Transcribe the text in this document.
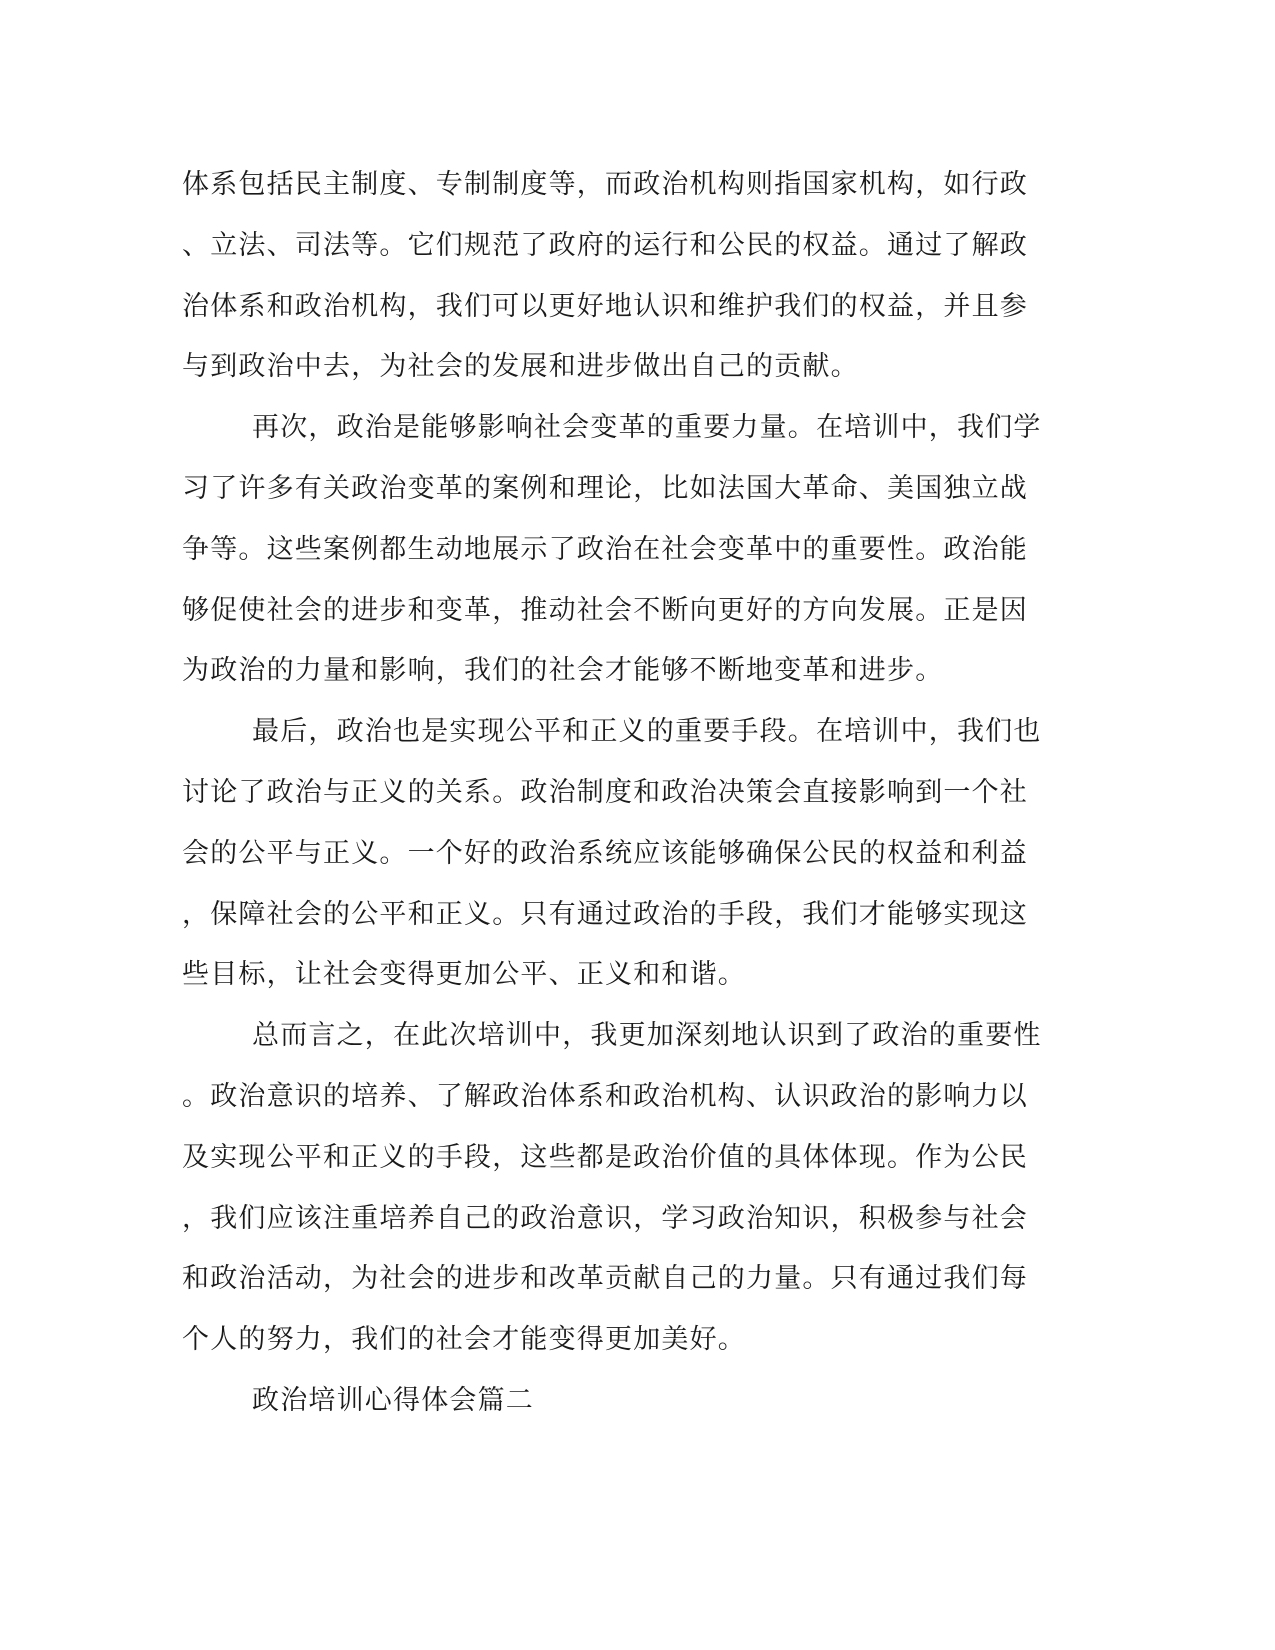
体系包括民主制度、专制制度等，而政治机构则指国家机构，如行政
、立法、司法等。它们规范了政府的运行和公民的权益。通过了解政
治体系和政治机构，我们可以更好地认识和维护我们的权益，并且参
与到政治中去，为社会的发展和进步做出自己的贡献。
再次，政治是能够影响社会变革的重要力量。在培训中，我们学
习了许多有关政治变革的案例和理论，比如法国大革命、美国独立战
争等。这些案例都生动地展示了政治在社会变革中的重要性。政治能
够促使社会的进步和变革，推动社会不断向更好的方向发展。正是因
为政治的力量和影响，我们的社会才能够不断地变革和进步。
最后，政治也是实现公平和正义的重要手段。在培训中，我们也
讨论了政治与正义的关系。政治制度和政治决策会直接影响到一个社
会的公平与正义。一个好的政治系统应该能够确保公民的权益和利益
，保障社会的公平和正义。只有通过政治的手段，我们才能够实现这
些目标，让社会变得更加公平、正义和和谐。
总而言之，在此次培训中，我更加深刻地认识到了政治的重要性
。政治意识的培养、了解政治体系和政治机构、认识政治的影响力以
及实现公平和正义的手段，这些都是政治价值的具体体现。作为公民
，我们应该注重培养自己的政治意识，学习政治知识，积极参与社会
和政治活动，为社会的进步和改革贡献自己的力量。只有通过我们每
个人的努力，我们的社会才能变得更加美好。
政治培训心得体会篇二
